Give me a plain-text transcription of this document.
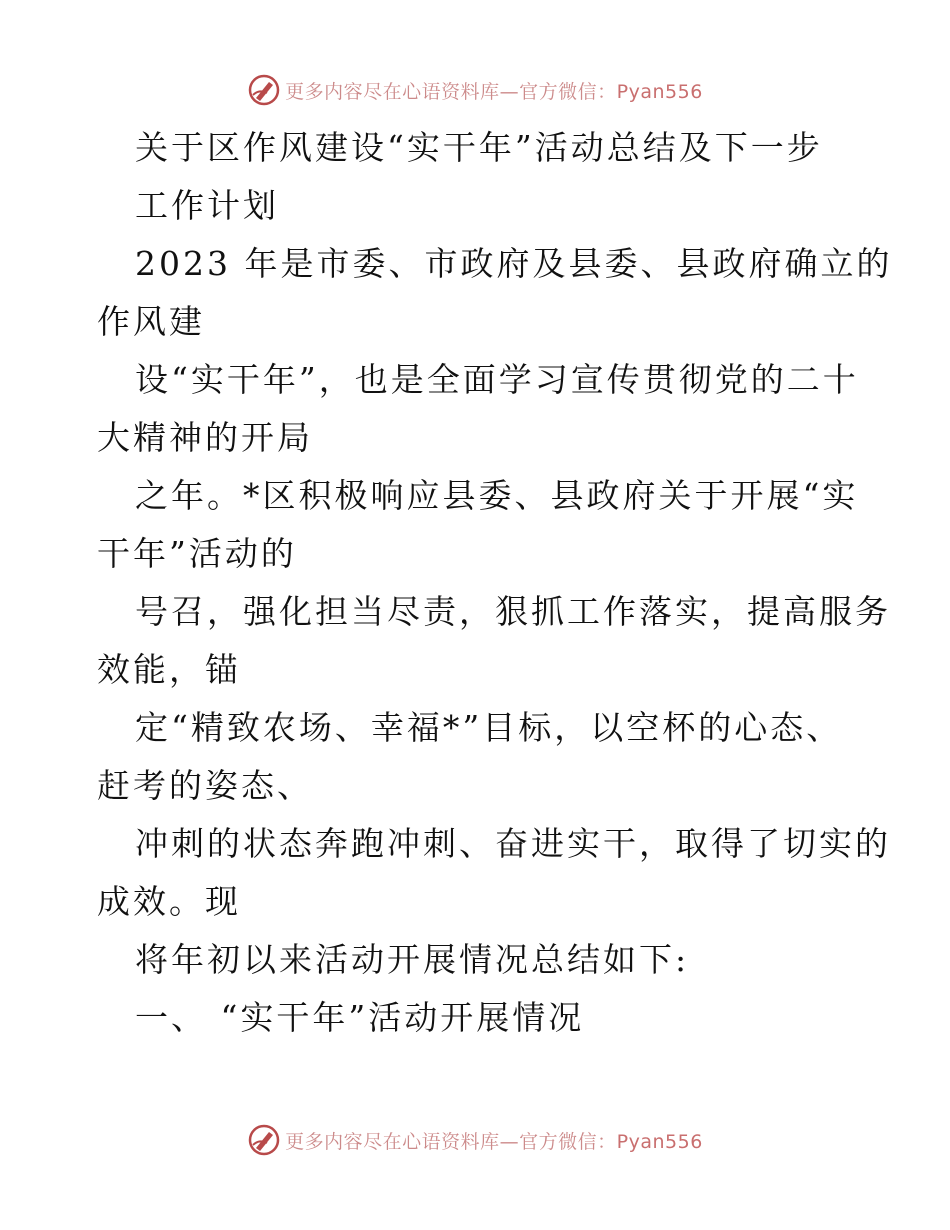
更多内容尽在心语资料库—官方微信：Pyan556
关于区作风建设“实干年”活动总结及下一步
工作计划
2023 年是市委、市政府及县委、县政府确立的
作风建
设“实干年”，也是全面学习宣传贯彻党的二十
大精神的开局
之年。*区积极响应县委、县政府关于开展“实
干年”活动的
号召，强化担当尽责，狠抓工作落实，提高服务
效能，锚
定“精致农场、幸福*”目标，以空杯的心态、
赶考的姿态、
冲刺的状态奔跑冲刺、奋进实干，取得了切实的
成效。现
将年初以来活动开展情况总结如下:
一、 “实干年”活动开展情况
更多内容尽在心语资料库—官方微信：Pyan556
